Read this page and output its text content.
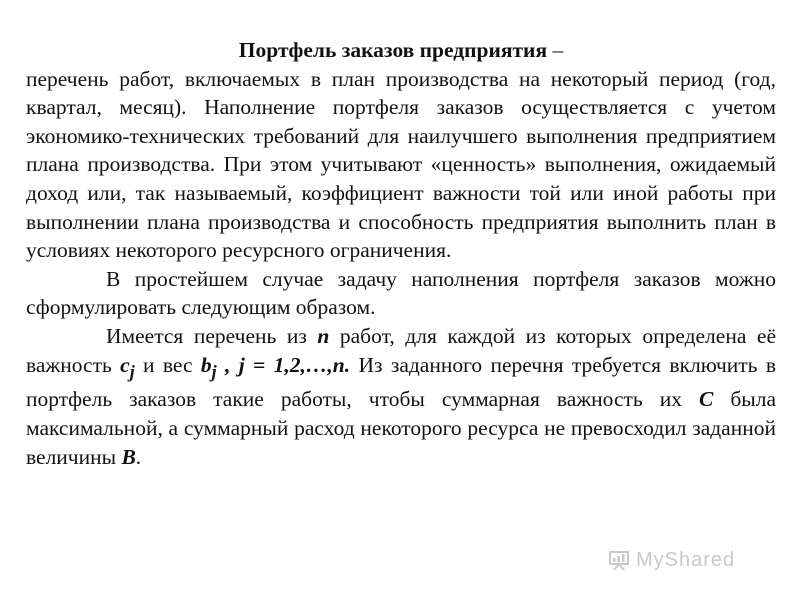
Портфель заказов предприятия –

перечень работ, включаемых в план производства на некоторый период (год, квартал, месяц). Наполнение портфеля заказов осуществляется с учетом экономико-технических требований для наилучшего выполнения предприятием плана производства. При этом учитывают «ценность» выполнения, ожидаемый доход или, так называемый, коэффициент важности той или иной работы при выполнении плана производства и способность предприятия выполнить план в условиях некоторого ресурсного ограничения.

В простейшем случае задачу наполнения портфеля заказов можно сформулировать следующим образом.

Имеется перечень из n работ, для каждой из которых определена её важность $c_j$ и вес $b_j$ , j = 1,2,…,n. Из заданного перечня требуется включить в портфель заказов такие работы, чтобы суммарная важность их C была максимальной, а суммарный расход некоторого ресурса не превосходил заданной величины B.

MyShared
